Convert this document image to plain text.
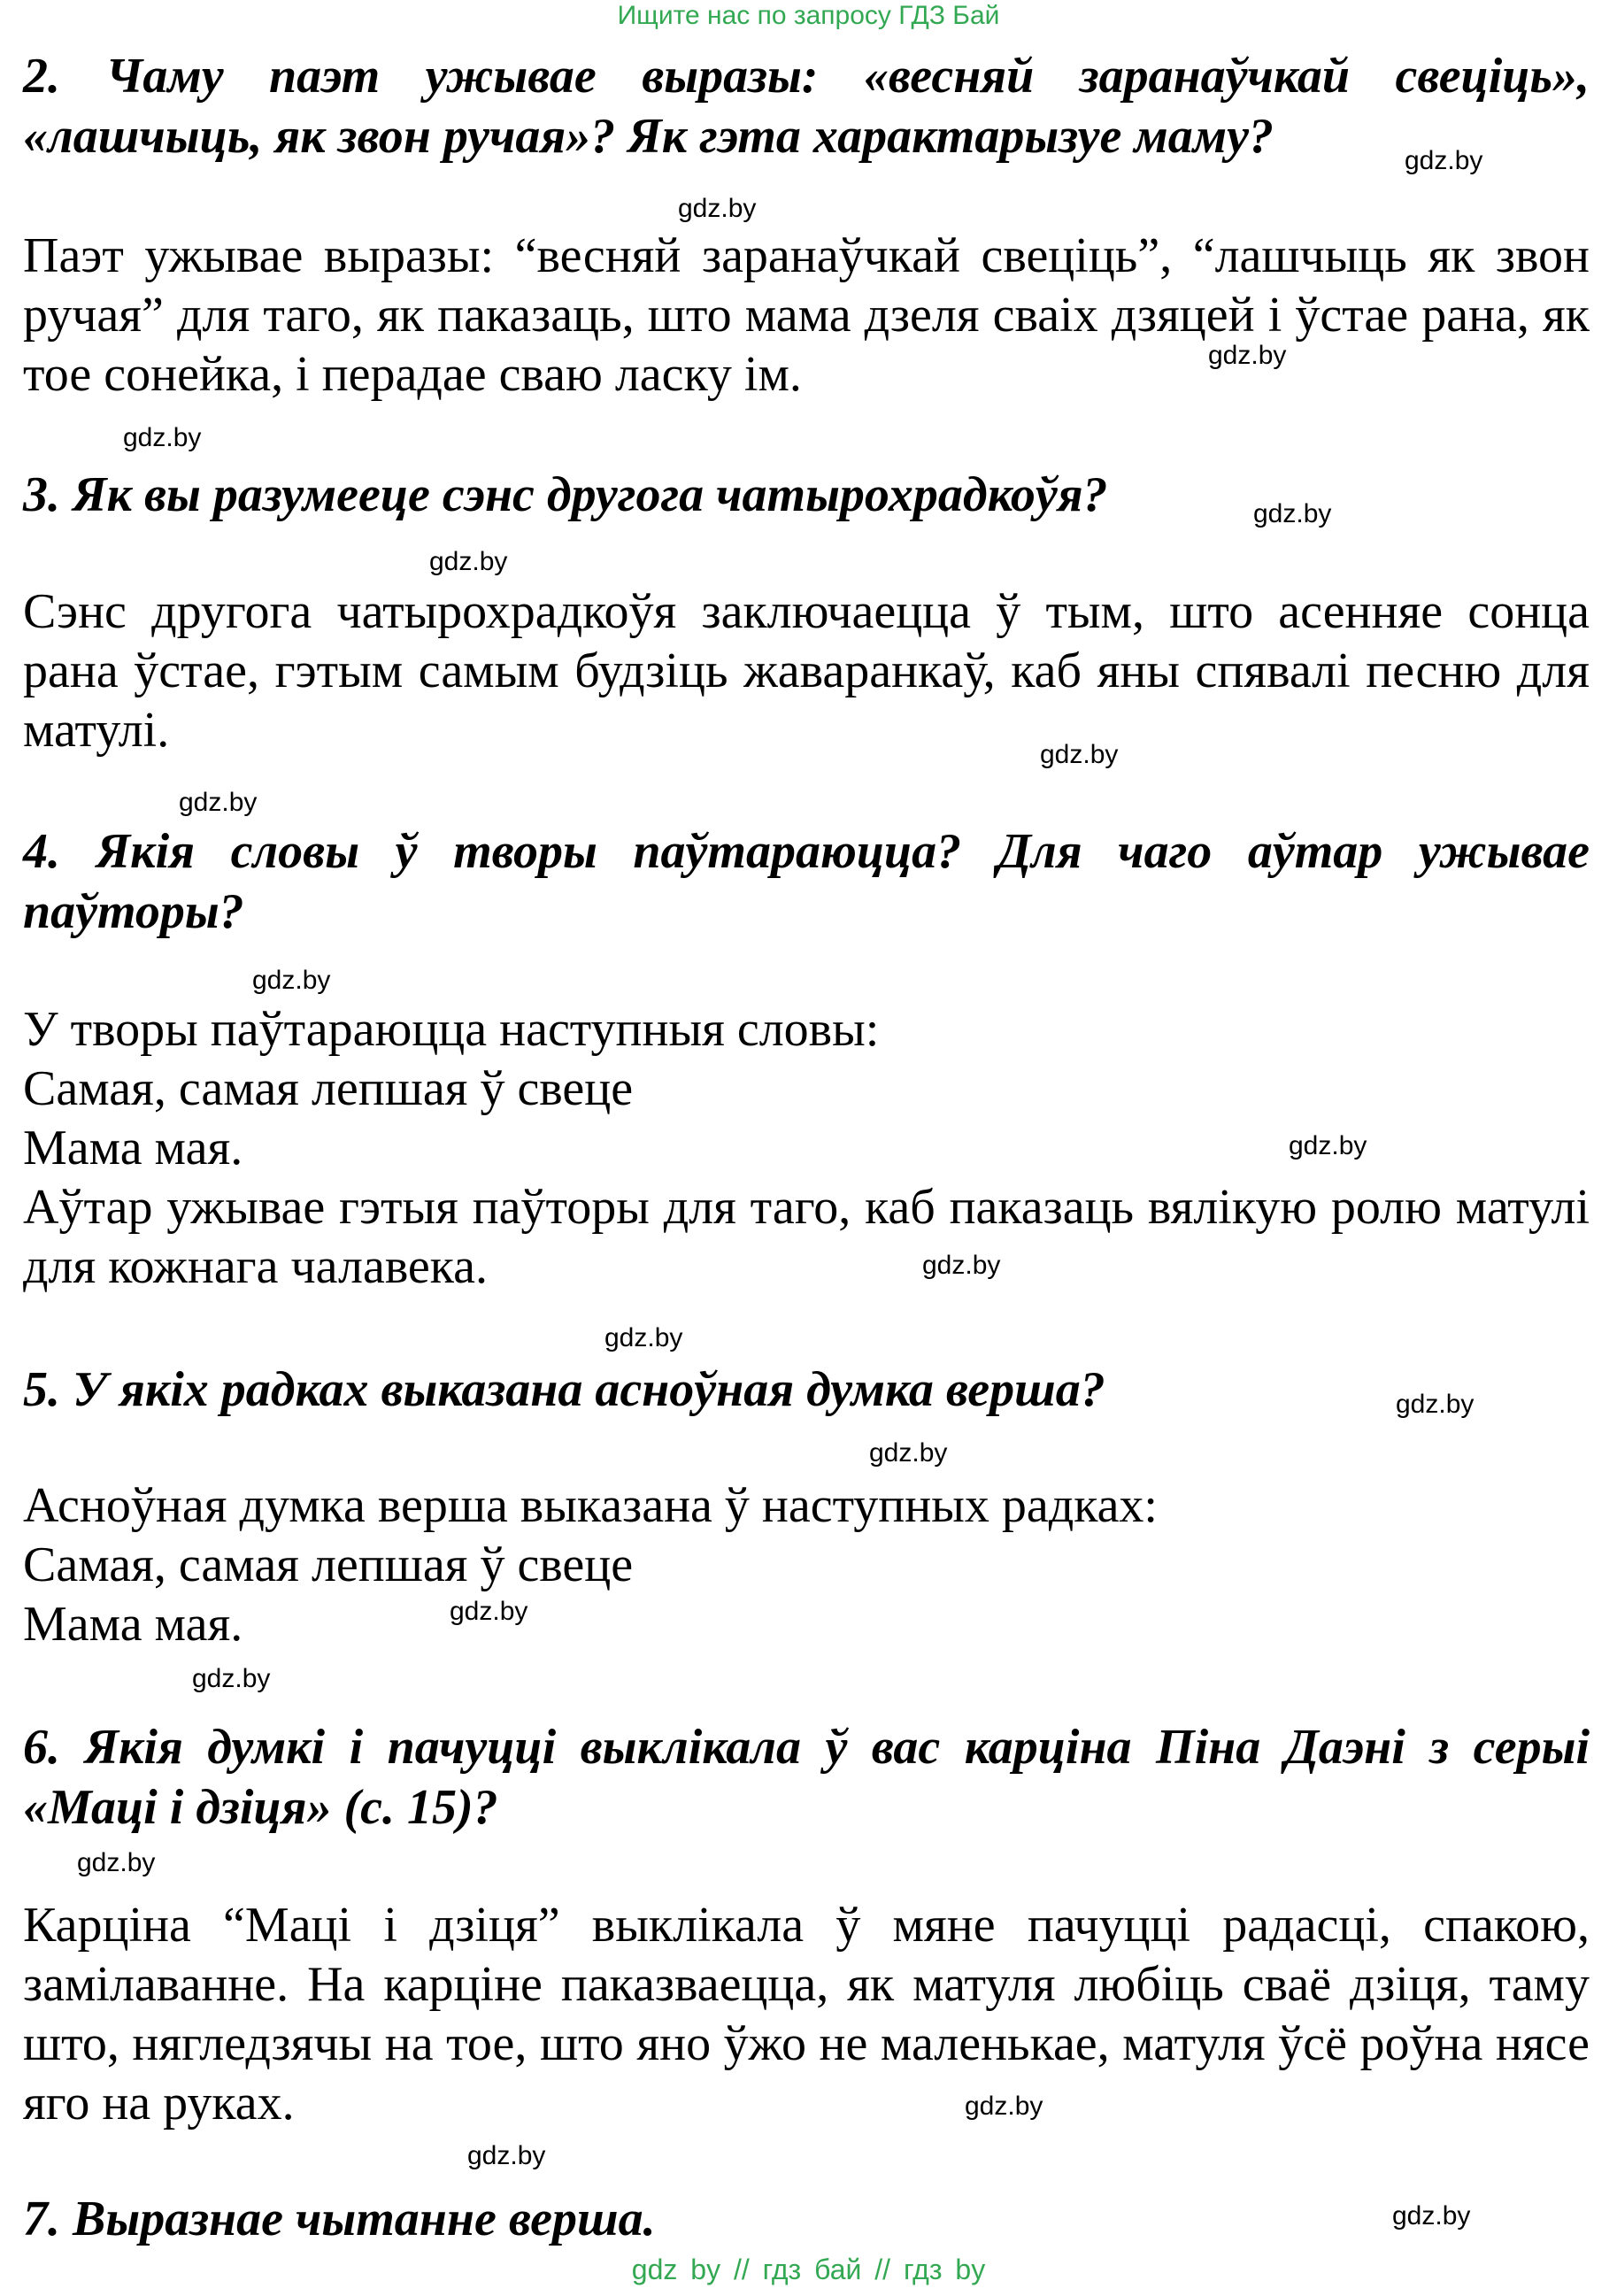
Ищите нас по запросу ГДЗ Бай

2. Чаму паэт ужывае выразы: «весняй заранаўчкай свеціць», «лашчыць, як звон ручая»? Як гэта характарызуе маму?

Паэт ужывае выразы: “весняй заранаўчкай свеціць”, “лашчыць як звон ручая” для таго, як паказаць, што мама дзеля сваіх дзяцей і ўстае рана, як тое сонейка, і перадае сваю ласку ім.

3. Як вы разумееце сэнс другога чатырохрадкоўя?

Сэнс другога чатырохрадкоўя заключаецца ў тым, што асенняе сонца рана ўстае, гэтым самым будзіць жаваранкаў, каб яны спявалі песню для матулі.

4. Якія словы ў творы паўтараюцца? Для чаго аўтар ужывае паўторы?

У творы паўтараюцца наступныя словы:
Самая, самая лепшая ў свеце
Мама мая.
Аўтар ужывае гэтыя паўторы для таго, каб паказаць вялікую ролю матулі для кожнага чалавека.

5. У якіх радках выказана асноўная думка верша?

Асноўная думка верша выказана ў наступных радках:
Самая, самая лепшая ў свеце
Мама мая.

6. Якія думкі і пачуцці выклікала ў вас карціна Піна Даэні з серыі «Маці і дзіця» (с. 15)?

Карціна “Маці і дзіця” выклікала ў мяне пачуцці радасці, спакою, замілаванне. На карціне паказваецца, як матуля любіць сваё дзіця, таму што, нягледзячы на тое, што яно ўжо не маленькае, матуля ўсё роўна нясе яго на руках.

7. Выразнае чытанне верша.

gdz.by
gdz.by
gdz.by
gdz.by
gdz.by
gdz.by
gdz.by
gdz.by
gdz.by
gdz.by
gdz.by
gdz.by
gdz.by
gdz.by
gdz.by
gdz.by
gdz.by
gdz.by
gdz.by
gdz.by
gdz by // гдз бай // гдз by
